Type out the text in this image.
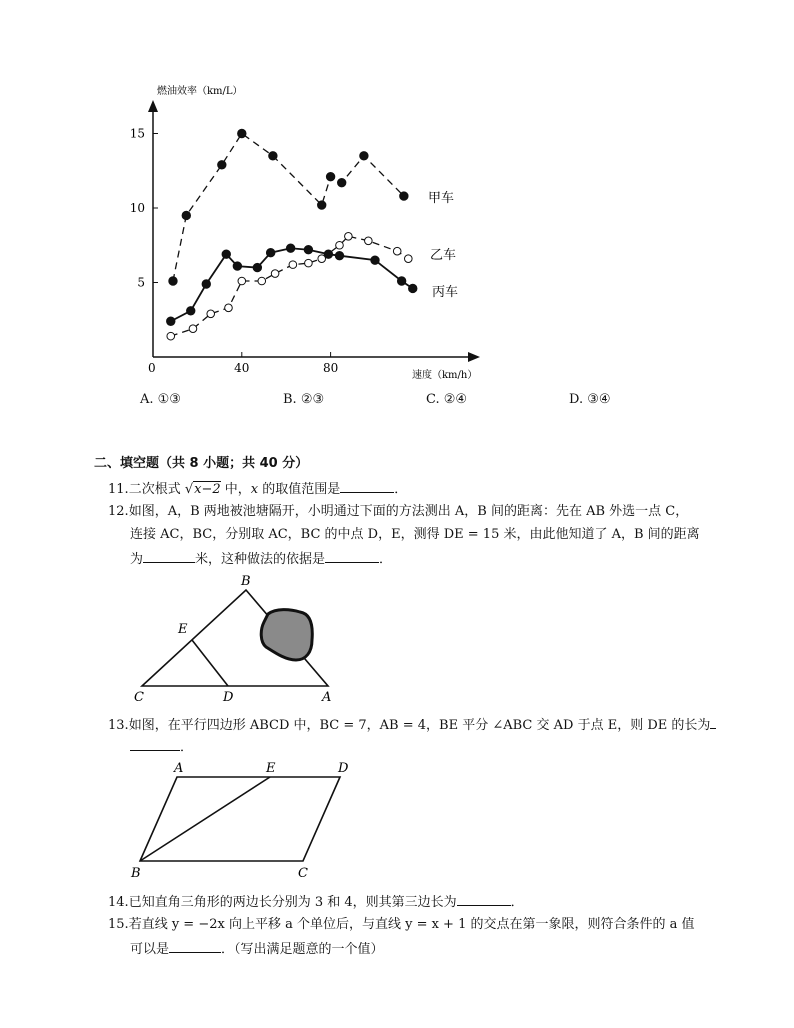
5
10
15
40	80
燃油效率（km/L）
速度（km/h）
0
甲车
乙车
丙车
A. ①③	B. ②③	C. ②④	D. ③④
二、填空题（共 8 小题；共 40 分）
11.二次根式 √x−2 中，x 的取值范围是	．
12.如图，A，B 两地被池塘隔开，小明通过下面的方法测出 A，B 间的距离：先在 AB 外选一点 C，
连接 AC，BC，分别取 AC，BC 的中点 D，E，测得 DE = 15 米，由此他知道了 A，B 间的距离
为	米，这种做法的依据是	．
B
E
C	D	A
A	E	D
B	C
13.如图，在平行四边形 ABCD 中，BC = 7，AB = 4，BE 平分 ∠ABC 交 AD 于点 E，则 DE 的长为
．
14.已知直角三角形的两边长分别为 3 和 4，则其第三边长为	．
15.若直线 y = −2x 向上平移 a 个单位后，与直线 y = x + 1 的交点在第一象限，则符合条件的 a 值
可以是	．（写出满足题意的一个值）
